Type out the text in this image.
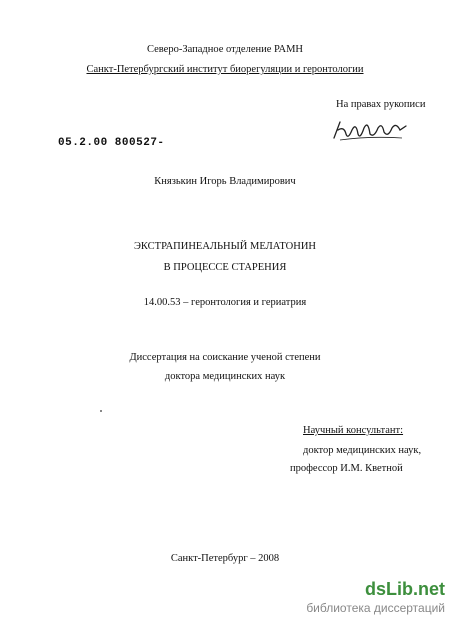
Северо-Западное отделение РАМН
Санкт-Петербургский институт биорегуляции и геронтологии
На правах рукописи
05.2.00 800527-
Князькин Игорь Владимирович
ЭКСТРАПИНЕАЛЬНЫЙ МЕЛАТОНИН
В ПРОЦЕССЕ СТАРЕНИЯ
14.00.53 – геронтология и гериатрия
Диссертация на соискание ученой степени
доктора медицинских наук
Научный консультант:
доктор медицинских наук,
профессор И.М. Кветной
Санкт-Петербург – 2008
dsLib.net
библиотека диссертаций
